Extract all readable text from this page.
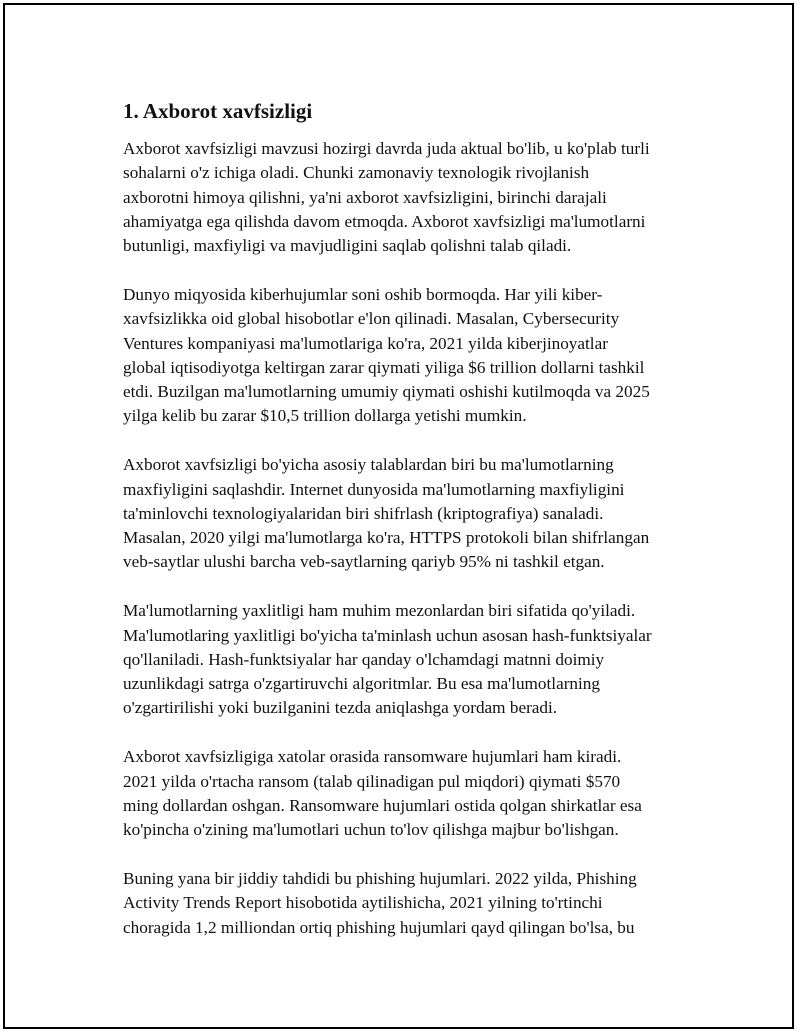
1. Axborot xavfsizligi

Axborot xavfsizligi mavzusi hozirgi davrda juda aktual bo'lib, u ko'plab turli
sohalarni o'z ichiga oladi. Chunki zamonaviy texnologik rivojlanish
axborotni himoya qilishni, ya'ni axborot xavfsizligini, birinchi darajali
ahamiyatga ega qilishda davom etmoqda. Axborot xavfsizligi ma'lumotlarni
butunligi, maxfiyligi va mavjudligini saqlab qolishni talab qiladi.

Dunyo miqyosida kiberhujumlar soni oshib bormoqda. Har yili kiber-
xavfsizlikka oid global hisobotlar e'lon qilinadi. Masalan, Cybersecurity
Ventures kompaniyasi ma'lumotlariga ko'ra, 2021 yilda kiberjinoyatlar
global iqtisodiyotga keltirgan zarar qiymati yiliga $6 trillion dollarni tashkil
etdi. Buzilgan ma'lumotlarning umumiy qiymati oshishi kutilmoqda va 2025
yilga kelib bu zarar $10,5 trillion dollarga yetishi mumkin.

Axborot xavfsizligi bo'yicha asosiy talablardan biri bu ma'lumotlarning
maxfiyligini saqlashdir. Internet dunyosida ma'lumotlarning maxfiyligini
ta'minlovchi texnologiyalaridan biri shifrlash (kriptografiya) sanaladi.
Masalan, 2020 yilgi ma'lumotlarga ko'ra, HTTPS protokoli bilan shifrlangan
veb-saytlar ulushi barcha veb-saytlarning qariyb 95% ni tashkil etgan.

Ma'lumotlarning yaxlitligi ham muhim mezonlardan biri sifatida qo'yiladi.
Ma'lumotlaring yaxlitligi bo'yicha ta'minlash uchun asosan hash-funktsiyalar
qo'llaniladi. Hash-funktsiyalar har qanday o'lchamdagi matnni doimiy
uzunlikdagi satrga o'zgartiruvchi algoritmlar. Bu esa ma'lumotlarning
o'zgartirilishi yoki buzilganini tezda aniqlashga yordam beradi.

Axborot xavfsizligiga xatolar orasida ransomware hujumlari ham kiradi.
2021 yilda o'rtacha ransom (talab qilinadigan pul miqdori) qiymati $570
ming dollardan oshgan. Ransomware hujumlari ostida qolgan shirkatlar esa
ko'pincha o'zining ma'lumotlari uchun to'lov qilishga majbur bo'lishgan.

Buning yana bir jiddiy tahdidi bu phishing hujumlari. 2022 yilda, Phishing
Activity Trends Report hisobotida aytilishicha, 2021 yilning to'rtinchi
choragida 1,2 milliondan ortiq phishing hujumlari qayd qilingan bo'lsa, bu
